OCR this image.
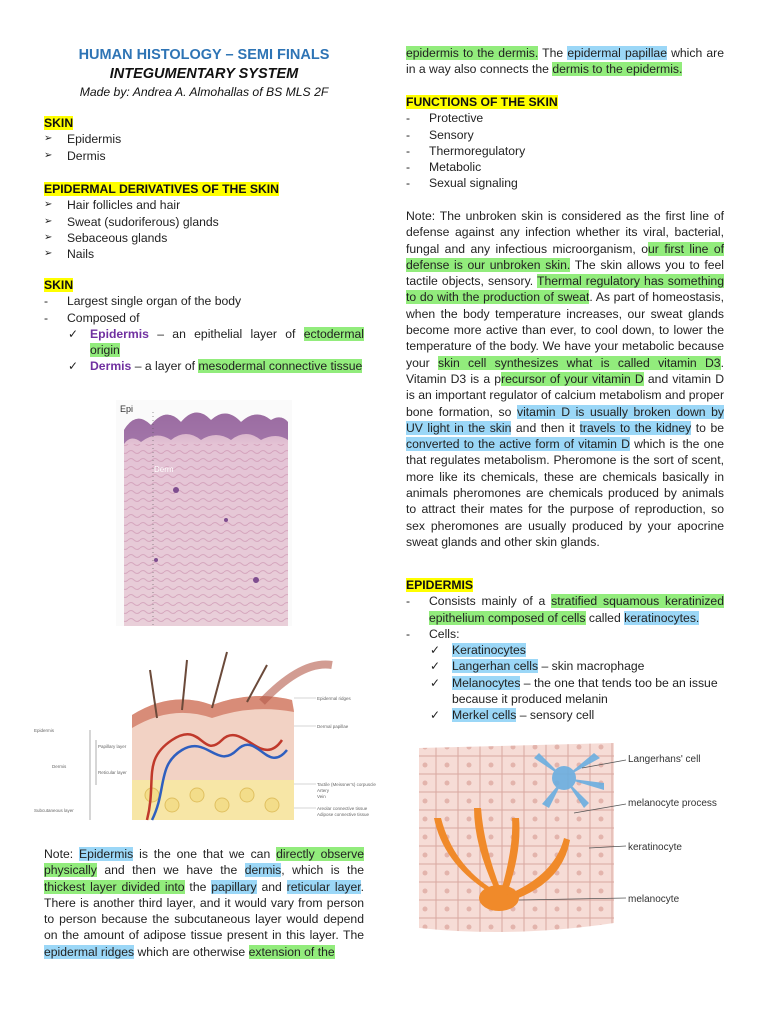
HUMAN HISTOLOGY – SEMI FINALS
INTEGUMENTARY SYSTEM
Made by: Andrea A. Almohallas of BS MLS 2F
SKIN
➢ Epidermis
➢ Dermis
EPIDERMAL DERIVATIVES OF THE SKIN
➢ Hair follicles and hair
➢ Sweat (sudoriferous) glands
➢ Sebaceous glands
➢ Nails
SKIN
- Largest single organ of the body
- Composed of
✓ Epidermis – an epithelial layer of ectodermal origin
✓ Dermis – a layer of mesodermal connective tissue
Epi
Derm
Epidermis
Papillary layer
Dermis
Reticular layer
Subcutaneous layer
Epidermal ridges
Dermal papillae
Tactile (Meissner's) corpuscle
Artery
Vein
Areolar connective tissue
Adipose connective tissue

Note: Epidermis is the one that we can directly observe physically and then we have the dermis, which is the thickest layer divided into the papillary and reticular layer. There is another third layer, and it would vary from person to person because the subcutaneous layer would depend on the amount of adipose tissue present in this layer. The epidermal ridges which are otherwise extension of the

epidermis to the dermis. The epidermal papillae which are in a way also connects the dermis to the epidermis.

FUNCTIONS OF THE SKIN
- Protective
- Sensory
- Thermoregulatory
- Metabolic
- Sexual signaling

Note: The unbroken skin is considered as the first line of defense against any infection whether its viral, bacterial, fungal and any infectious microorganism, our first line of defense is our unbroken skin. The skin allows you to feel tactile objects, sensory. Thermal regulatory has something to do with the production of sweat. As part of homeostasis, when the body temperature increases, our sweat glands become more active than ever, to cool down, to lower the temperature of the body. We have your metabolic because your skin cell synthesizes what is called vitamin D3. Vitamin D3 is a precursor of your vitamin D and vitamin D is an important regulator of calcium metabolism and proper bone formation, so vitamin D is usually broken down by UV light in the skin and then it travels to the kidney to be converted to the active form of vitamin D which is the one that regulates metabolism. Pheromone is the sort of scent, more like its chemicals, these are chemicals basically in animals pheromones are chemicals produced by animals to attract their mates for the purpose of reproduction, so sex pheromones are usually produced by your apocrine sweat glands and other skin glands.

EPIDERMIS
- Consists mainly of a stratified squamous keratinized epithelium composed of cells called keratinocytes.
- Cells:
✓ Keratinocytes
✓ Langerhan cells – skin macrophage
✓ Melanocytes – the one that tends too be an issue because it produced melanin
✓ Merkel cells – sensory cell
Langerhans' cell
melanocyte process
keratinocyte
melanocyte
